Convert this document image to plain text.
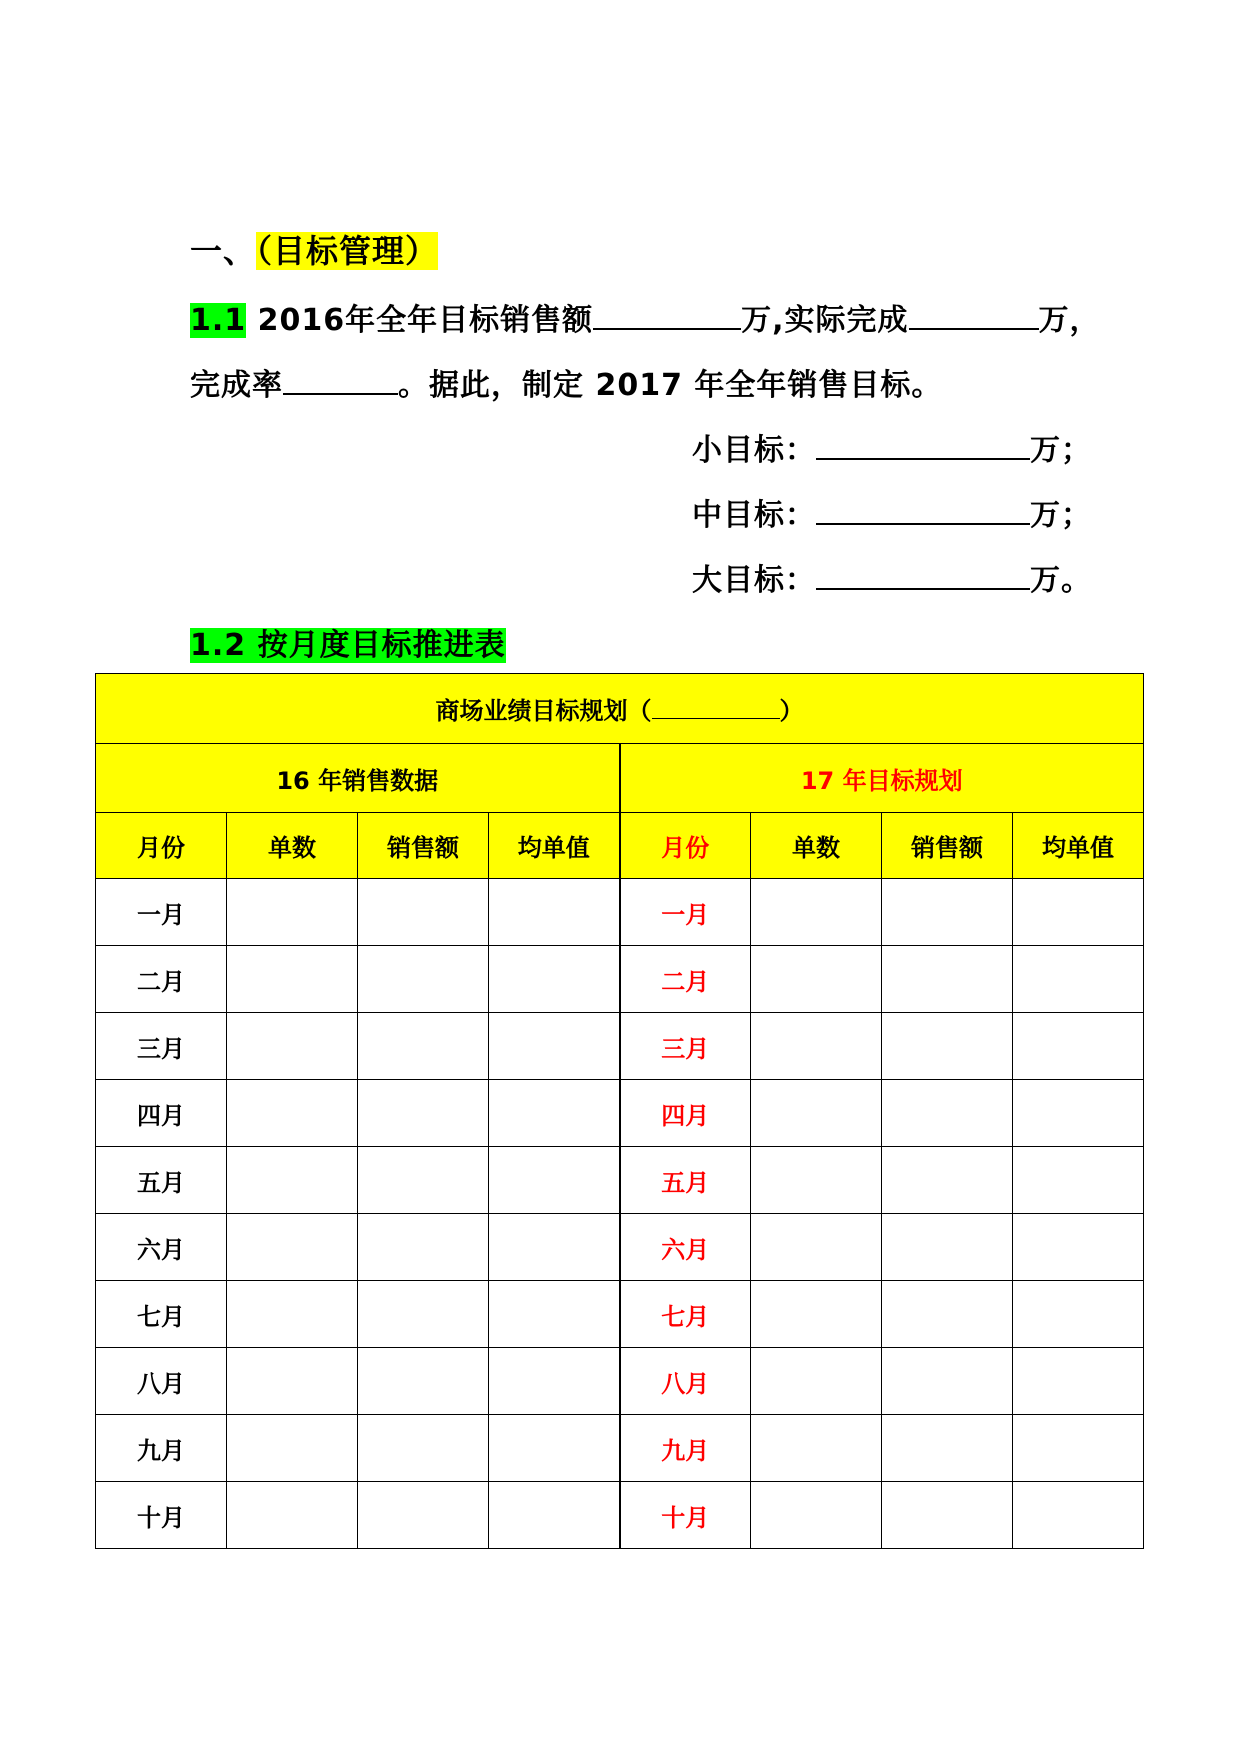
一、（目标管理）
1.1 2016年全年目标销售额	万,实际完成	万，
完成率	。据此，制定 2017 年全年销售目标。
小目标：	万；
中目标：	万；
大目标：	万。
1.2 按月度目标推进表
商场业绩目标规划（ ）							
16 年销售数据				17 年目标规划			
月份	单数	销售额	均单值	月份	单数	销售额	均单值
一月				一月			
二月				二月			
三月				三月			
四月				四月			
五月				五月			
六月				六月			
七月				七月			
八月				八月			
九月				九月			
十月				十月			
